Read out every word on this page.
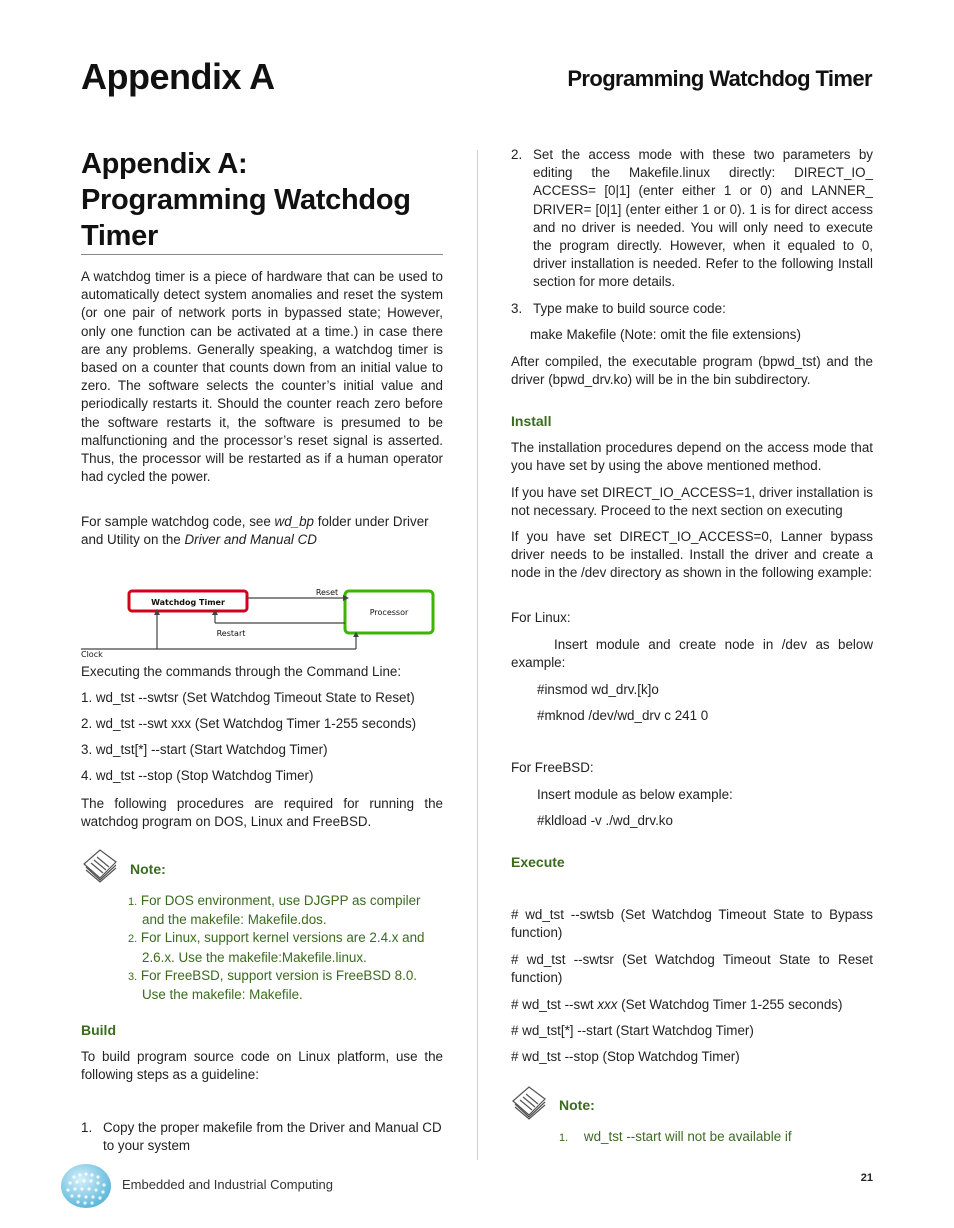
Appendix A	Programming Watchdog Timer
Appendix A:
Programming Watchdog
Timer

A watchdog timer is a piece of hardware that can be used to automatically detect system anomalies and reset the system (or one pair of network ports in bypassed state; However, only one function can be activated at a time.) in case there are any problems. Generally speaking, a watchdog timer is based on a counter that counts down from an initial value to zero. The software selects the counter’s initial value and periodically restarts it. Should the counter reach zero before the software restarts it, the software is presumed to be malfunctioning and the processor’s reset signal is asserted. Thus, the processor will be restarted as if a human operator had cycled the power.

For sample watchdog code, see wd_bp folder under Driver and Utility on the Driver and Manual CD

Watchdog Timer
Processor
Reset
Restart
Clock

Executing the commands through the Command Line:

1. wd_tst --swtsr (Set Watchdog Timeout State to Reset)

2. wd_tst --swt xxx (Set Watchdog Timer 1-255 seconds)

3. wd_tst[*] --start (Start Watchdog Timer)

4. wd_tst --stop (Stop Watchdog Timer)

The following procedures are required for running the watchdog program on DOS, Linux and FreeBSD.

Note:
1. For DOS environment, use DJGPP as compiler
and the makefile: Makefile.dos.
2. For Linux, support kernel versions are 2.4.x and
2.6.x. Use the makefile:Makefile.linux.
3. For FreeBSD, support version is FreeBSD 8.0.
Use the makefile: Makefile.
Build

To build program source code on Linux platform, use the following steps as a guideline:

1. Copy the proper makefile from the Driver and Manual CD to your system

2. Set the access mode with these two parameters by editing the Makefile.linux directly: DIRECT_IO_ ACCESS= [0|1] (enter either 1 or 0) and LANNER_ DRIVER= [0|1] (enter either 1 or 0). 1 is for direct access and no driver is needed. You will only need to execute the program directly. However, when it equaled to 0, driver installation is needed. Refer to the following Install section for more details.

3. Type make to build source code:

make Makefile (Note: omit the file extensions)

After compiled, the executable program (bpwd_tst) and the driver (bpwd_drv.ko) will be in the bin subdirectory.

Install

The installation procedures depend on the access mode that you have set by using the above mentioned method.

If you have set DIRECT_IO_ACCESS=1, driver installation is not necessary. Proceed to the next section on executing

If you have set DIRECT_IO_ACCESS=0, Lanner bypass driver needs to be installed. Install the driver and create a node in the /dev directory as shown in the following example:

For Linux:

Insert module and create node in /dev as below example:

#insmod wd_drv.[k]o

#mknod /dev/wd_drv c 241 0

For FreeBSD:

Insert module as below example:

#kldload -v ./wd_drv.ko

Execute

# wd_tst --swtsb (Set Watchdog Timeout State to Bypass function)

# wd_tst --swtsr (Set Watchdog Timeout State to Reset function)

# wd_tst --swt xxx (Set Watchdog Timer 1-255 seconds)

# wd_tst[*] --start (Start Watchdog Timer)

# wd_tst --stop (Stop Watchdog Timer)

Note:
1. wd_tst --start will not be available if
Embedded and Industrial Computing	21
